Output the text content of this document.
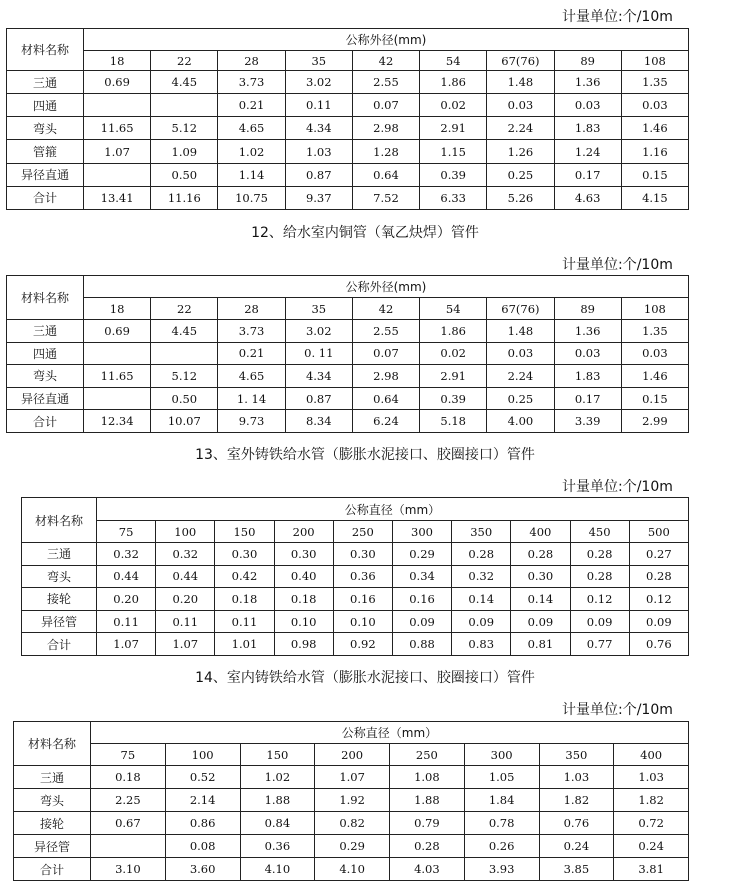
计量单位:个/10m
材料名称	公称外径(mm)								
	18	22	28	35	42	54	67(76)	89	108
三通	0.69	4.45	3.73	3.02	2.55	1.86	1.48	1.36	1.35
四通			0.21	0.11	0.07	0.02	0.03	0.03	0.03
弯头	11.65	5.12	4.65	4.34	2.98	2.91	2.24	1.83	1.46
管箍	1.07	1.09	1.02	1.03	1.28	1.15	1.26	1.24	1.16
异径直通		0.50	1.14	0.87	0.64	0.39	0.25	0.17	0.15
合计	13.41	11.16	10.75	9.37	7.52	6.33	5.26	4.63	4.15
12、给水室内铜管（氧乙炔焊）管件
计量单位:个/10m
材料名称	公称外径(mm)								
	18	22	28	35	42	54	67(76)	89	108
三通	0.69	4.45	3.73	3.02	2.55	1.86	1.48	1.36	1.35
四通			0.21	0. 11	0.07	0.02	0.03	0.03	0.03
弯头	11.65	5.12	4.65	4.34	2.98	2.91	2.24	1.83	1.46
异径直通		0.50	1. 14	0.87	0.64	0.39	0.25	0.17	0.15
合计	12.34	10.07	9.73	8.34	6.24	5.18	4.00	3.39	2.99
13、室外铸铁给水管（膨胀水泥接口、胶圈接口）管件
计量单位:个/10m
材料名称	公称直径（mm）									
	75	100	150	200	250	300	350	400	450	500
三通	0.32	0.32	0.30	0.30	0.30	0.29	0.28	0.28	0.28	0.27
弯头	0.44	0.44	0.42	0.40	0.36	0.34	0.32	0.30	0.28	0.28
接轮	0.20	0.20	0.18	0.18	0.16	0.16	0.14	0.14	0.12	0.12
异径管	0.11	0.11	0.11	0.10	0.10	0.09	0.09	0.09	0.09	0.09
合计	1.07	1.07	1.01	0.98	0.92	0.88	0.83	0.81	0.77	0.76
14、室内铸铁给水管（膨胀水泥接口、胶圈接口）管件
计量单位:个/10m
材料名称	公称直径（mm）							
	75	100	150	200	250	300	350	400
三通	0.18	0.52	1.02	1.07	1.08	1.05	1.03	1.03
弯头	2.25	2.14	1.88	1.92	1.88	1.84	1.82	1.82
接轮	0.67	0.86	0.84	0.82	0.79	0.78	0.76	0.72
异径管		0.08	0.36	0.29	0.28	0.26	0.24	0.24
合计	3.10	3.60	4.10	4.10	4.03	3.93	3.85	3.81
